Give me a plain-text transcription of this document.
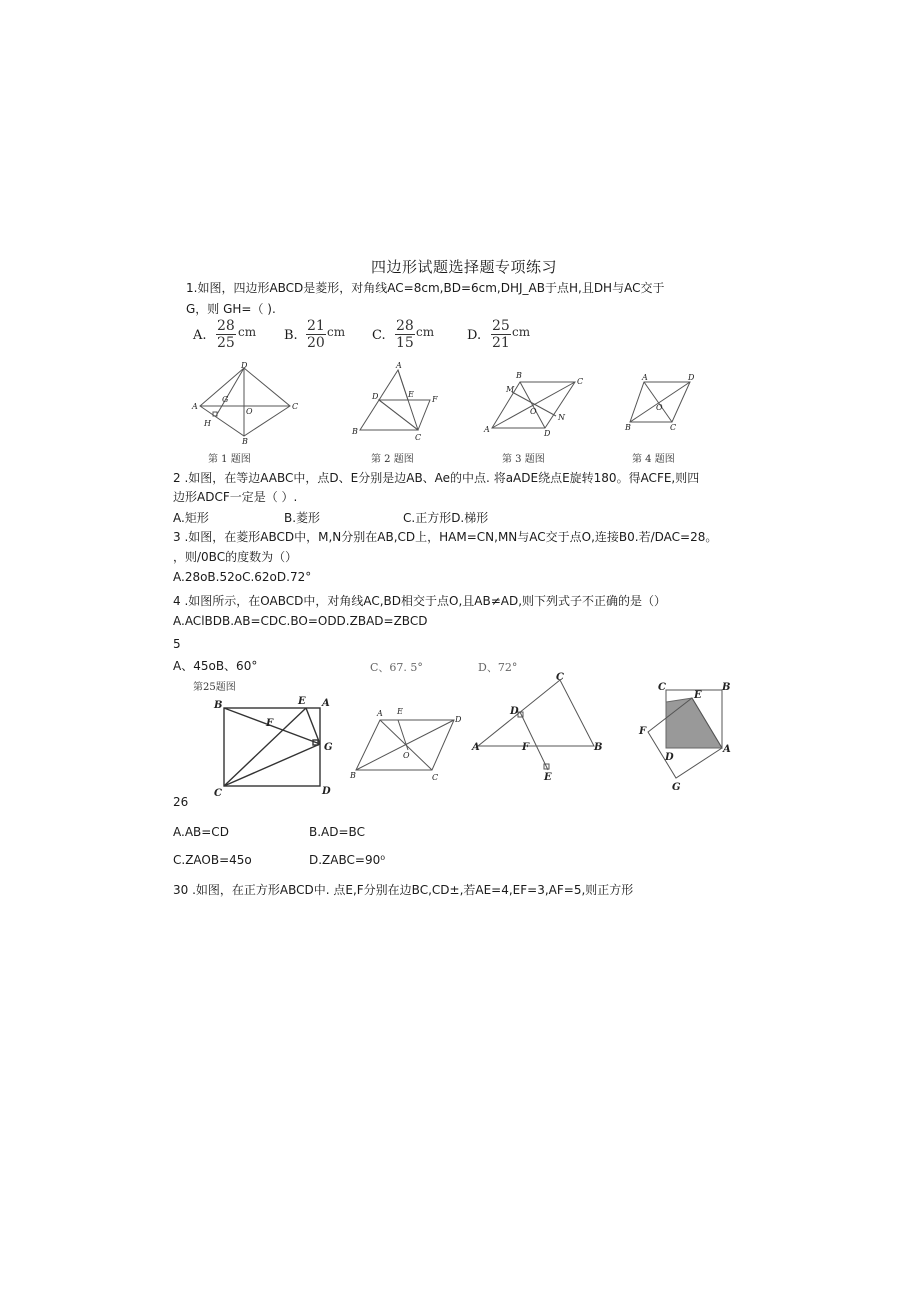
四边形试题选择题专项练习
1.如图，四边形ABCD是菱形，对角线AC=8cm,BD=6cm,DHJ_AB于点H,且DH与AC交于
G，则 GH=（ ).
A. $\frac{28}{25}$ cm B. $\frac{21}{20}$ cm C. $\frac{28}{15}$ cm	D. $\frac{25}{21}$ cm
A
B
C
D
G
H
O
A
B
C
D	E
F
A
B
C
D
M
N
O
B
A	D
C
O
第 1 题图	第 2 题图	第 3 题图	第 4 题图
2 .如图，在等边AABC中，点D、E分别是边AB、Ae的中点. 将aADE绕点E旋转180。得ACFE,则四
边形ADCF一定是（ ）.
A.矩形	B.菱形	C.正方形D.梯形
3 .如图，在菱形ABCD中，M,N分别在AB,CD上，HAM=CN,MN与AC交于点O,连接B0.若/DAC=28。
，则/0BC的度数为（）
A.28oB.52oC.62oD.72°
4 .如图所示，在OABCD中，对角线AC,BD相交于点O,且AB≠AD,则下列式子不正确的是（）
A.AClBDB.AB=CDC.BO=ODD.ZBAD=ZBCD
5
A、45oB、60°	C、67. 5°	D、72°
第25题图
B	E A
F
G
C	D
A E
D
B
O
C
C
D
A	F	B
E
C
E
B
F
D
A
G
26
A.AB=CD	B.AD=BC
C.ZAOB=45o	D.ZABC=90⁰
30 .如图，在正方形ABCD中. 点E,F分别在边BC,CD±,若AE=4,EF=3,AF=5,则正方形
